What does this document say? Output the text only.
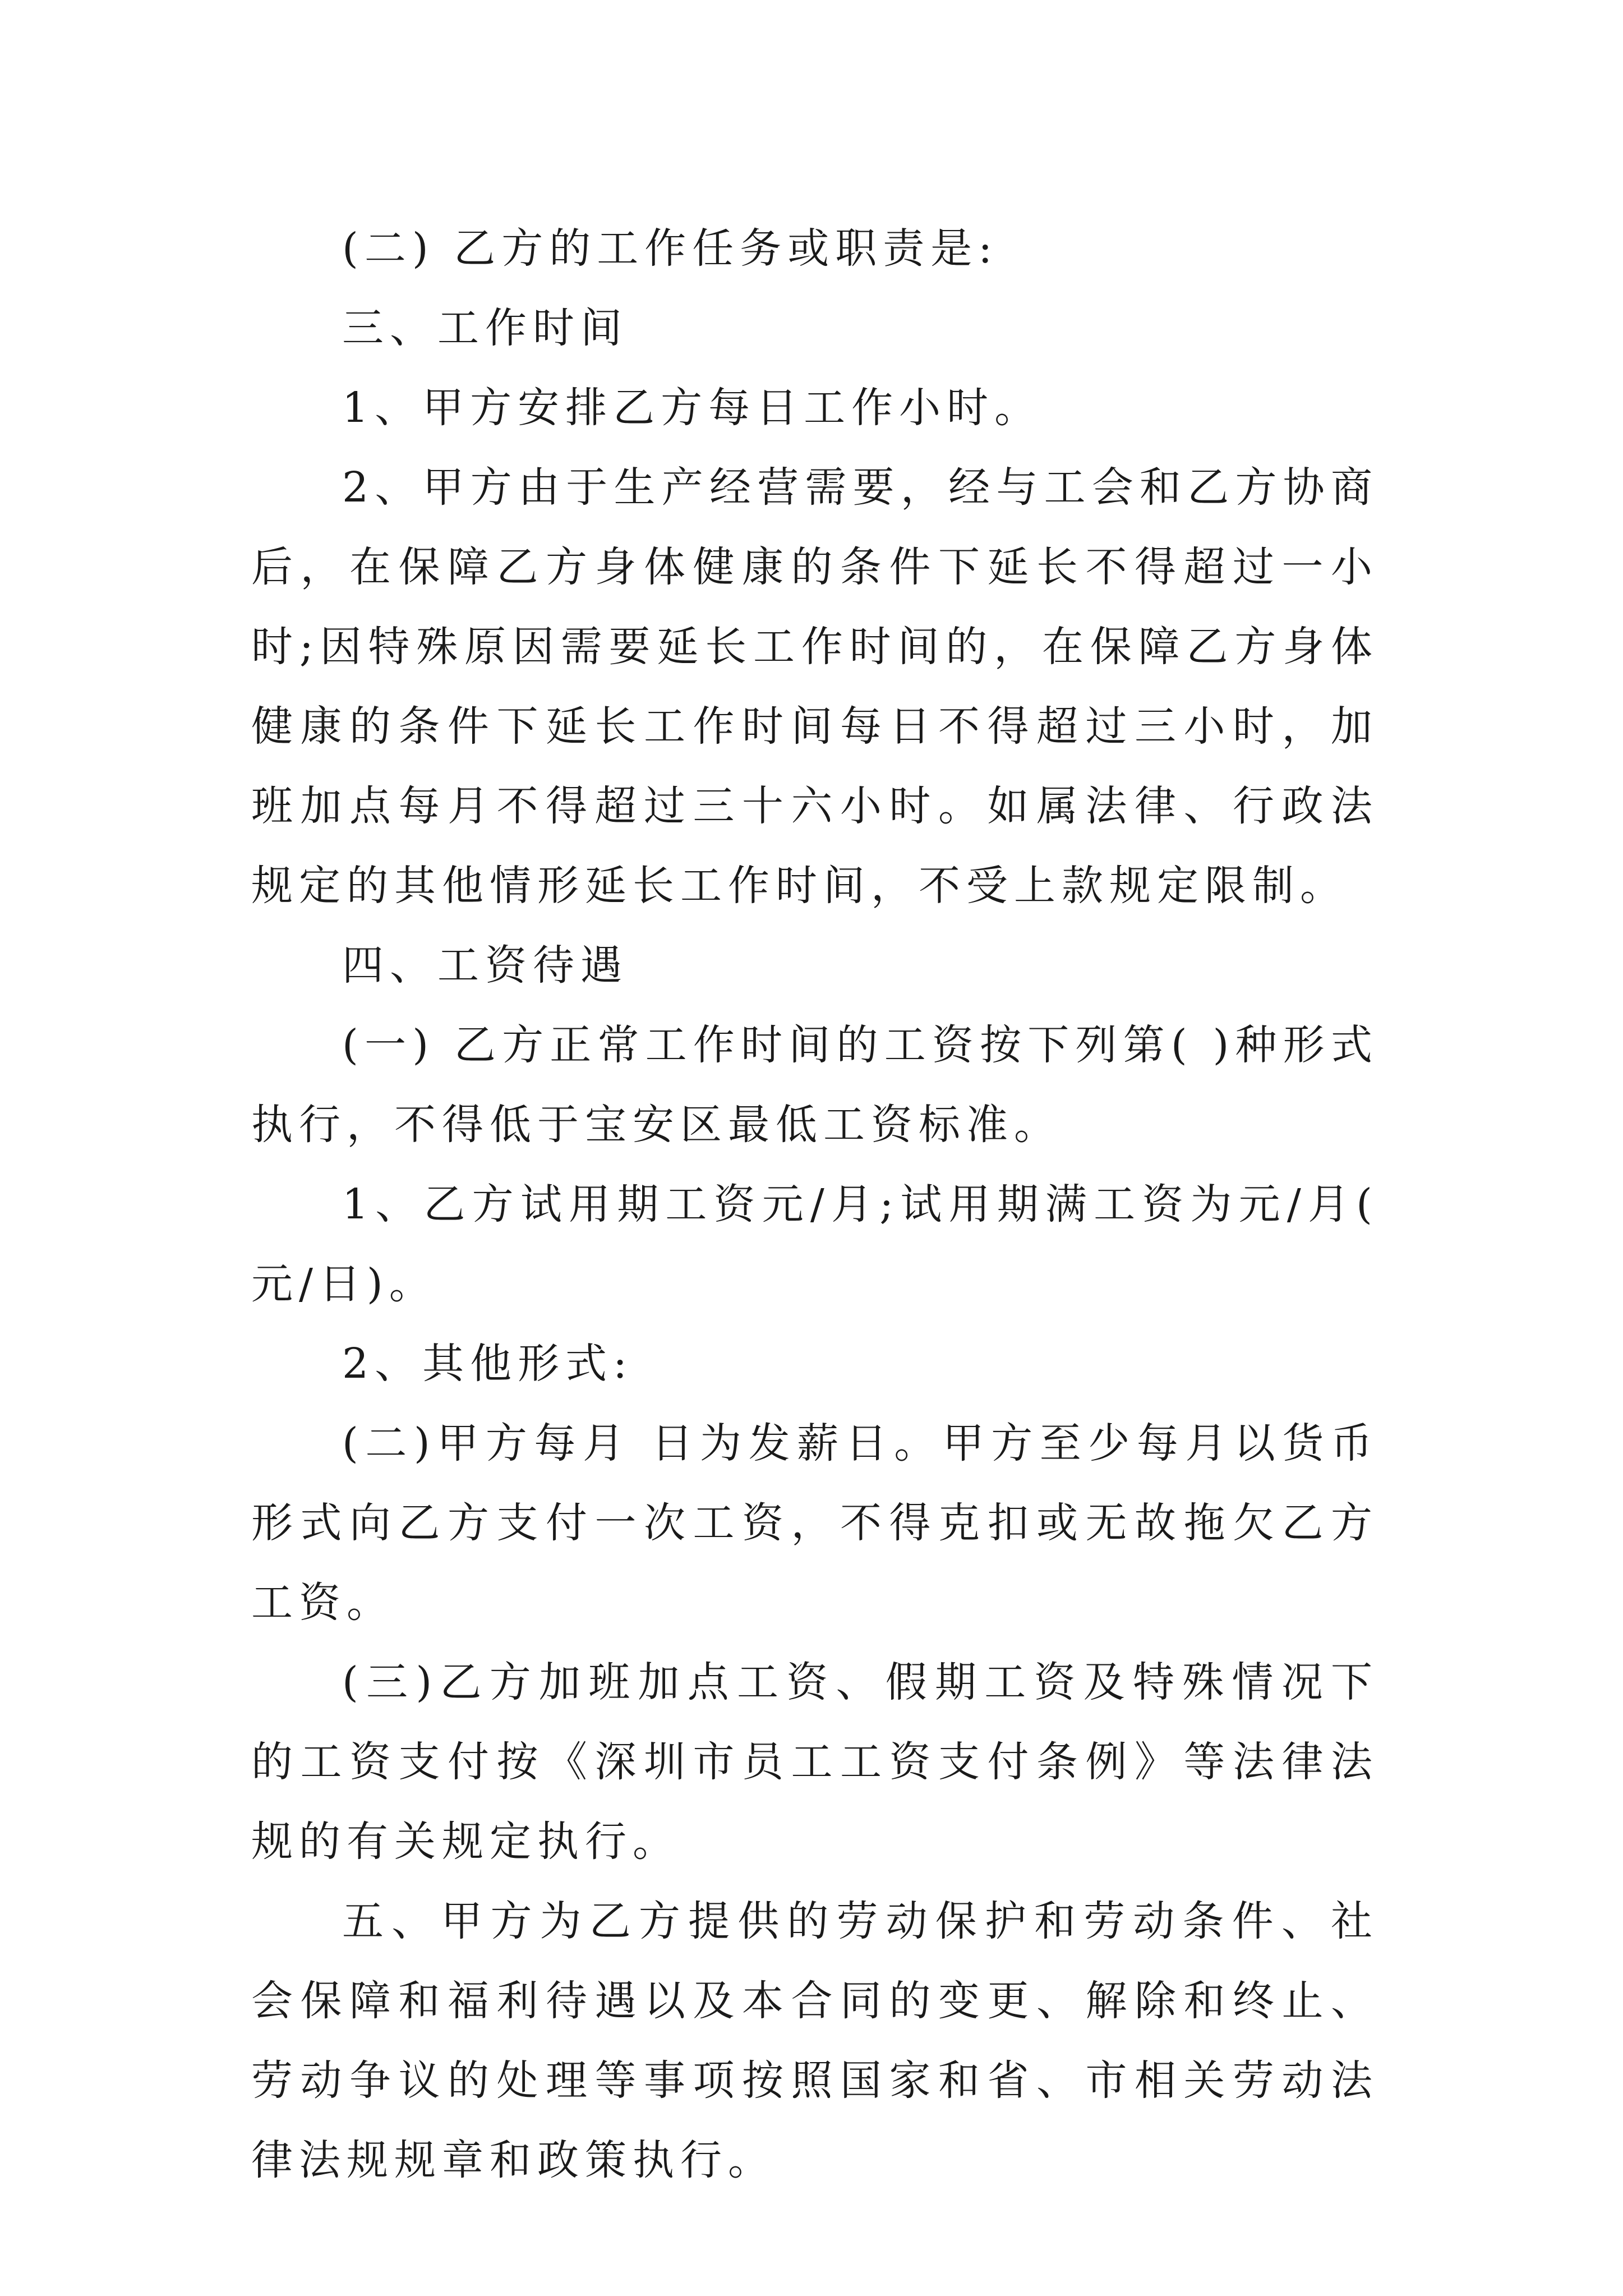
(二) 乙方的工作任务或职责是:

三、工作时间

1、甲方安排乙方每日工作小时。

2、甲方由于生产经营需要，经与工会和乙方协商后，在保障乙方身体健康的条件下延长不得超过一小时;因特殊原因需要延长工作时间的，在保障乙方身体健康的条件下延长工作时间每日不得超过三小时，加班加点每月不得超过三十六小时。如属法律、行政法规定的其他情形延长工作时间，不受上款规定限制。

四、工资待遇

(一) 乙方正常工作时间的工资按下列第( )种形式执行，不得低于宝安区最低工资标准。

1、乙方试用期工资元/月;试用期满工资为元/月( 元/日)。

2、其他形式:

(二)甲方每月 日为发薪日。甲方至少每月以货币形式向乙方支付一次工资，不得克扣或无故拖欠乙方工资。

(三)乙方加班加点工资、假期工资及特殊情况下的工资支付按《深圳市员工工资支付条例》等法律法规的有关规定执行。

五、甲方为乙方提供的劳动保护和劳动条件、社会保障和福利待遇以及本合同的变更、解除和终止、劳动争议的处理等事项按照国家和省、市相关劳动法律法规规章和政策执行。
